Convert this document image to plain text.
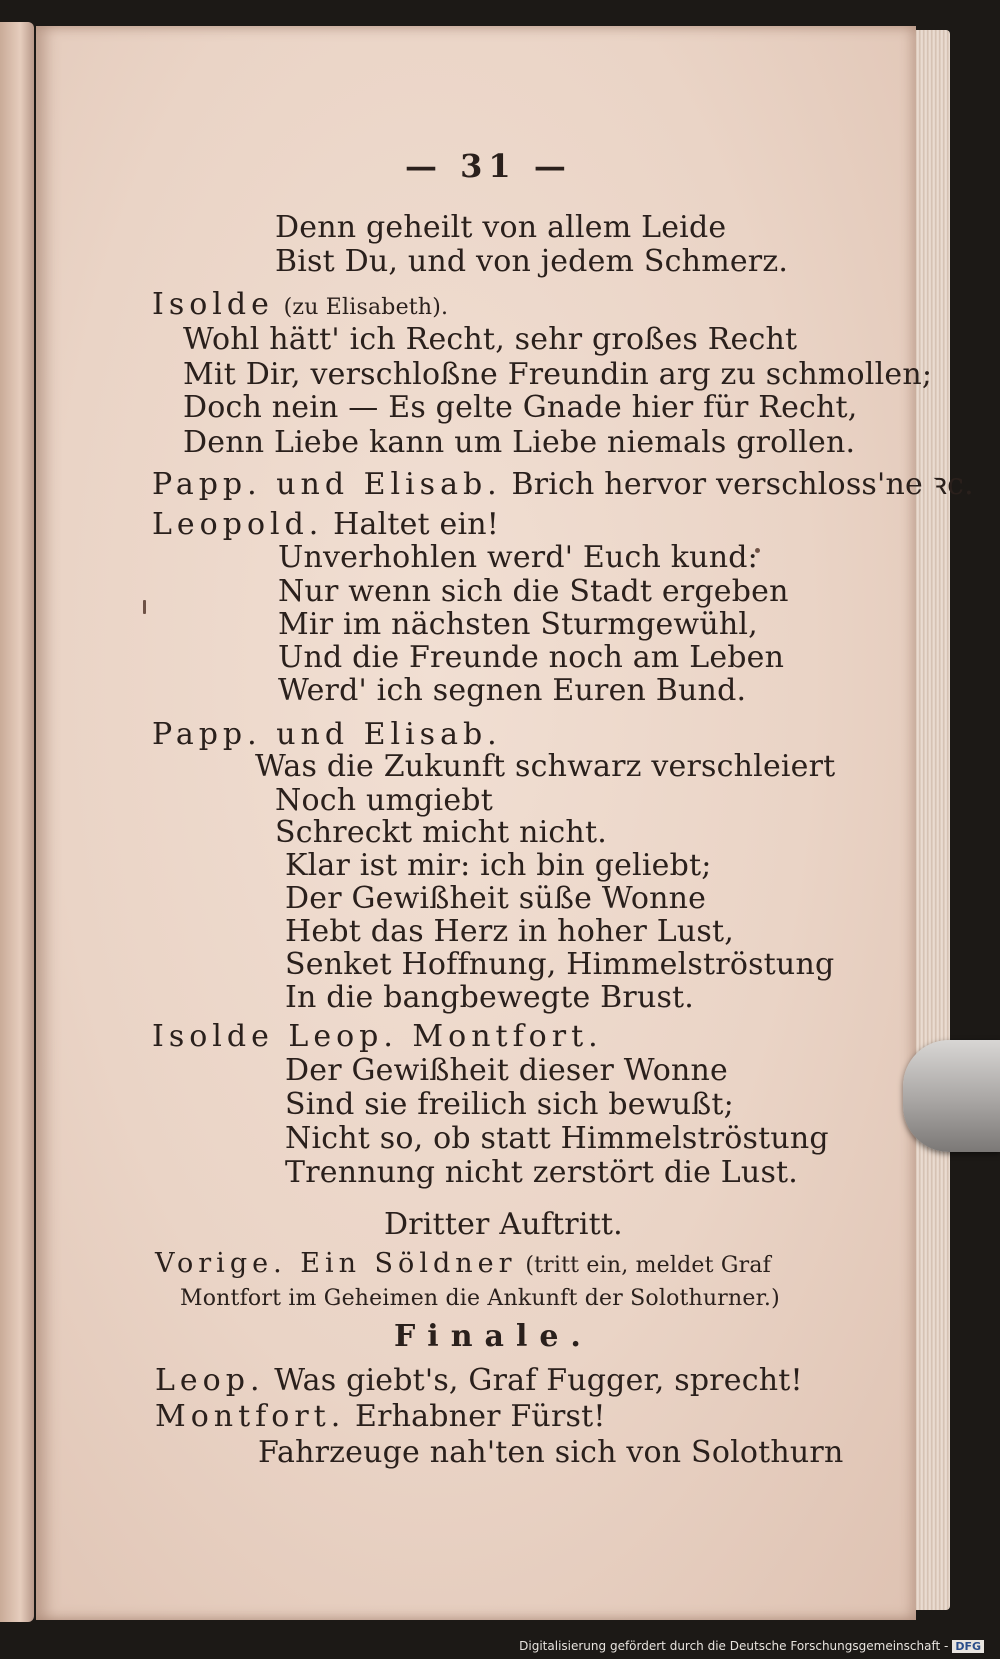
— 31 —
Denn geheilt von allem Leide
Bist Du, und von jedem Schmerz.
Isolde (zu Elisabeth).
Wohl hätt' ich Recht, sehr großes Recht
Mit Dir, verschloßne Freundin arg zu schmollen;
Doch nein — Es gelte Gnade hier für Recht,
Denn Liebe kann um Liebe niemals grollen.
Papp. und Elisab. Brich hervor verschloss'ne ꝛc.
Leopold. Haltet ein!
Unverhohlen werd' Euch kund:
Nur wenn sich die Stadt ergeben
Mir im nächsten Sturmgewühl,
Und die Freunde noch am Leben
Werd' ich segnen Euren Bund.
Papp. und Elisab.
Was die Zukunft schwarz verschleiert
Noch umgiebt
Schreckt micht nicht.
Klar ist mir: ich bin geliebt;
Der Gewißheit süße Wonne
Hebt das Herz in hoher Lust,
Senket Hoffnung, Himmelströstung
In die bangbewegte Brust.
Isolde Leop. Montfort.
Der Gewißheit dieser Wonne
Sind sie freilich sich bewußt;
Nicht so, ob statt Himmelströstung
Trennung nicht zerstört die Lust.
Dritter Auftritt.
Vorige. Ein Söldner (tritt ein, meldet Graf
Montfort im Geheimen die Ankunft der Solothurner.)
Finale.
Leop. Was giebt's, Graf Fugger, sprecht!
Montfort. Erhabner Fürst!
Fahrzeuge nah'ten sich von Solothurn
Digitalisierung gefördert durch die Deutsche Forschungsgemeinschaft - DFG
